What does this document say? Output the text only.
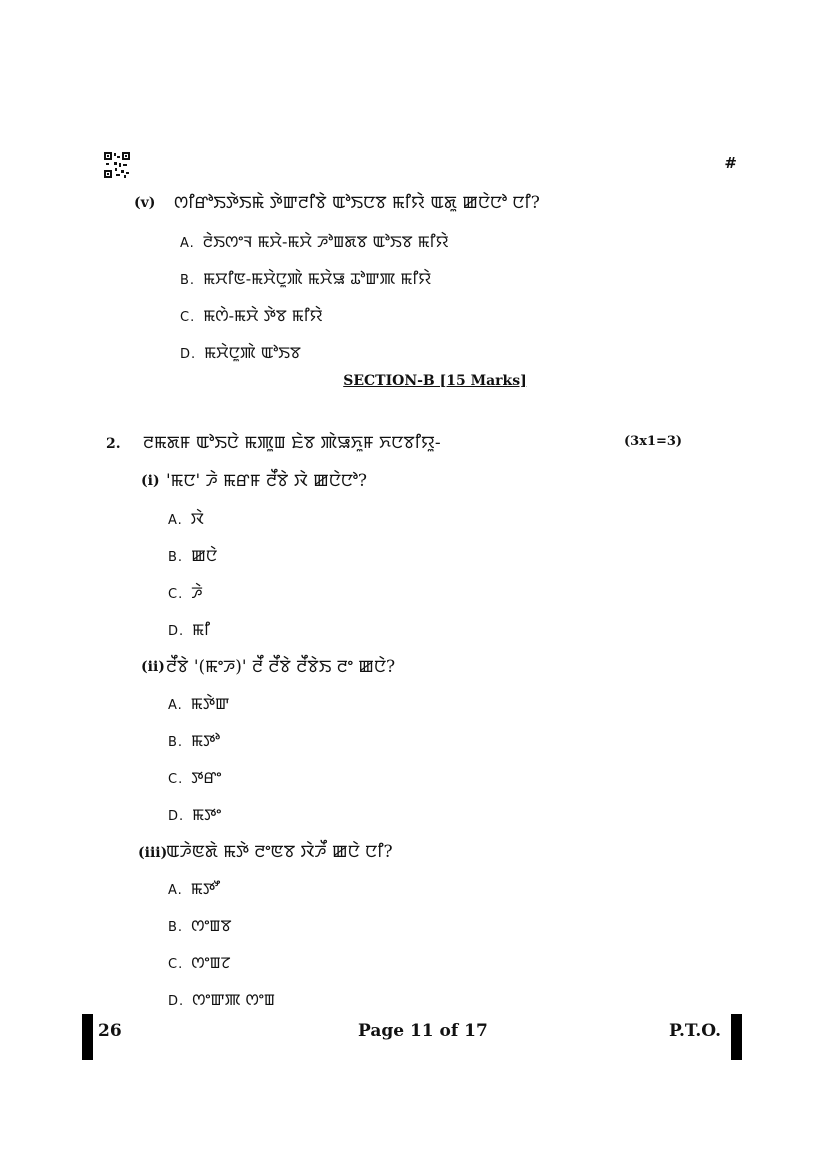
#
(v) ꯁꯤꯔꯣꯏꯇꯥꯏꯃꯥ ꯇꯥꯛꯂꯤꯕꯥ ꯑꯣꯏꯅꯕ ꯃꯤꯌꯥ ꯑꯗꯨ ꯀꯅꯥꯅꯣ ꯅꯤ?
A. ꯂꯥꯏꯁꯦꯜ ꯃꯆꯥ-ꯃꯆꯥ ꯍꯣꯡꯗꯕ ꯑꯣꯏꯕ ꯃꯤꯌꯥ
B. ꯃꯆꯤꯟ-ꯃꯆꯥꯅꯨꯄꯥ ꯃꯆꯥꯎ ꯊꯣꯛꯄ ꯃꯤꯌꯥ
C. ꯃꯁꯥ-ꯃꯆꯥ ꯇꯥꯕ ꯃꯤꯌꯥ
D. ꯃꯆꯥꯅꯨꯄꯥ ꯑꯣꯏꯕ
SECTION-B [15 Marks]
2. ꯂꯃꯗꯝ ꯑꯣꯏꯅꯥ ꯃꯄꯨꯡ ꯐꯥꯕ ꯄꯥꯎꯈꯨꯝ ꯈꯅꯕꯤꯌꯨ-	(3x1=3)
(i) 'ꯃꯅ' ꯍꯥ ꯃꯔꯝ ꯂꯩꯕꯥ ꯋꯥ ꯀꯅꯥꯅꯣ?
A. ꯋꯥ
B. ꯀꯅꯥ
C. ꯍꯥ
D. ꯃꯤ
(ii) ꯂꯩꯕꯥ '(ꯃꯦꯍ)' ꯂꯩ ꯂꯩꯕꯥ ꯂꯩꯕꯥꯏ ꯂꯦ ꯀꯅꯥ?
A. ꯃꯇꯥꯛ
B. ꯃꯇꯣ
C. ꯇꯔꯦ
D. ꯃꯇꯦ
(iii)
ꯑꯍꯥꯟꯗꯥ ꯃꯇꯥ ꯂꯦꯟꯕ ꯋꯥꯍꯩ ꯀꯅꯥ ꯅꯤ?
A. ꯃꯇꯧ
B. ꯁꯦꯡꯕ
C. ꯁꯦꯡꯖ
D. ꯁꯦꯛꯄ ꯁꯦꯡ
26	Page 11 of 17	P.T.O.
